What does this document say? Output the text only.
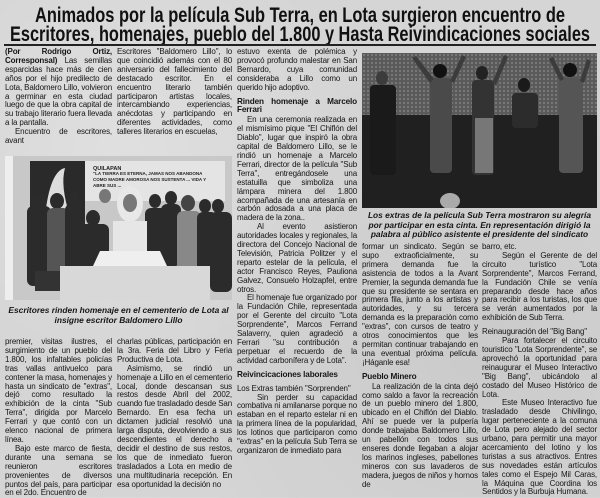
Animados por la película Sub Terra, en Lota surgieron encuentro de
Escritores, homenajes, pueblo del 1.800 y Hasta Reivindicaciones sociales

(Por Rodrigo Ortiz, Corresponsal) Las semillas esparcidas hace más de cien años por el hijo predilecto de Lota, Baldomero Lillo, volvieron a germinar en esta ciudad luego de que la obra capital de su trabajo literario fuera llevada a la pantalla.

Encuentro de escritores, avant

Escritores "Baldomero Lillo", lo que coincidió además con el 80 aniversario del fallecimiento del destacado escritor. En el encuentro literario también participaron artistas locales, intercambiando experiencias, anécdotas y participando en diferentes actividades, como talleres literarios en escuelas,

QUILAPAN
"LA TIERRA ES ETERNA, JAMAS NOS ABANDONA COMO MADRE AMOROSA NOS SUSTENTA ... VIDA Y ABRE SUS ...
Escritores rinden homenaje en el cementerio de Lota al insigne escritor Baldomero Lillo

premier, visitas ilustres, el surgimiento de un pueblo del 1.800, los infaltables policías tras vallas antivuelco para contener la masa, homenajes y hasta un sindicato de "extras", dejó como resultado la exhibición de la cinta "Sub Terra", dirigida por Marcelo Ferrari y que contó con un elenco nacional de primera línea.

Bajo este marco de fiesta, durante una semana se reunieron escritores provenientes de diversos puntos del país, para participar en el 2do. Encuentro de

charlas públicas, participación en la 3ra. Feria del Libro y Feria Productiva de Lota.

Asimismo, se rindió un homenaje a Lillo en el cementerio Local, donde descansan sus restos desde Abril del 2002, cuando fue trasladado desde San Bernardo. En esa fecha un dictamen judicial resolvió una larga disputa, devolviendo a sus descendientes el derecho a decidir el destino de sus restos, los que de inmediato fueron trasladados a Lota en medio de una multitudinaria recepción. En esa oportunidad la decisión no

estuvo exenta de polémica y provocó profundo malestar en San Bernardo, cuya comunidad consideraba a Lillo como un querido hijo adoptivo.

Rinden homenaje a Marcelo Ferrari

En una ceremonia realizada en el mismísimo pique "El Chiflón del Diablo", lugar que inspiró la obra capital de Baldomero Lillo, se le rindió un homenaje a Marcelo Ferrari, director de la película "Sub Terra", entregándosele una estatuilla que simboliza una lámpara minera del 1.800 acompañada de una artesanía en carbón adosada a una placa de madera de la zona..

Al evento asistieron autoridades locales y regionales, la directora del Concejo Nacional de Televisión, Patricia Politzer y el reparto estelar de la película, el actor Francisco Reyes, Pauliona Galvez, Consuelo Holzapfel, entre otros.

El homenaje fue organizado por la Fundación Chile, representada por el Gerente del circuito "Lota Sorprendente", Marcos Ferrand Salaverry, quien agradeció a Ferrari "su contribución a perpetuar el recuerdo de la actividad carbonífera y de Lota".

Reivincicaciones laborales

Los Extras también "Sorprenden"

Sin perder su capacidad combativa ni amilanarse porque no estaban en el reparto estelar ni en la primera línea de la popularidad, los lotinos que participaron como "extras" en la película Sub Terra se organizaron de inmediato para

Los extras de la película Sub Terra mostraron su alegría por participar en esta cinta. En representación dirigió la palabra al público asistente el presidente del sindicato

formar un sindicato. Según se supo extraoficialmente, su primera demanda fue la asistencia de todos a la Avant Premier, la segunda demanda fue que su presidente se sentara en primera fila, junto a los artistas y autoridades, y su tercera demanda es la preparación como "extras", con cursos de teatro y otros conocimientos que les permitan continuar trabajando en una eventual próxima película. ¡Háganle esa!

Pueblo Minero

La realización de la cinta dejó como saldo a favor la recreación de un pueblo minero del 1.800, ubicado en el Chiflón del Diablo. Ahí se puede ver la pulpería donde trabajaba Baldomero Lillo, un pabellón con todos sus enseres donde llegaban a alojar los marinos ingleses, pabellones mineros con sus lavaderos de madera, juegos de niños y hornos de

barro, etc.

Según el Gerente de del circuito turístico "Lota Sorprendente", Marcos Ferrand, la Fundación Chile se venía preparando desde hace años para recibir a los turistas, los que se verán aumentados por la exhibición de Sub Terra.

Reinauguración del "Big Bang"

Para fortalecer el circuito touristico "Lota Sorprendente", se aprovechó la oportunidad para reinaugurar el Museo Interactivo "Big Bang", ubicándolo al costado del Museo Histórico de Lota.

Este Museo Interactivo fue trasladado desde Chivilingo, lugar perteneciente a la comuna de Lota pero alejado del sector urbano, para permitir una mayor acercamiento del lotino y los turistas a sus atractivos. Entres sus novedades están artículos tales como el Espejo Mil Caras, la Máquina que Coordina los Sentidos y la Burbuja Humana.
